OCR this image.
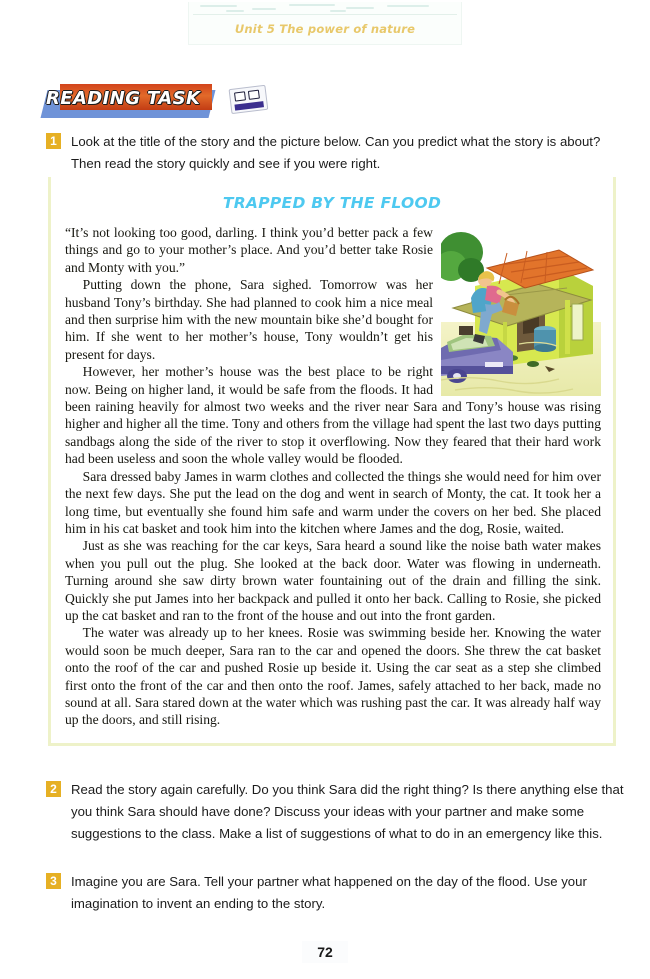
Unit 5 The power of nature
READING TASK
1	Look at the title of the story and the picture below. Can you predict what the story is about? Then read the story quickly and see if you were right.
TRAPPED BY THE FLOOD

“It’s not looking too good, darling. I think you’d better pack a few things and go to your mother’s place. And you’d better take Rosie and Monty with you.”

Putting down the phone, Sara sighed. Tomorrow was her husband Tony’s birthday. She had planned to cook him a nice meal and then surprise him with the new mountain bike she’d bought for him. If she went to her mother’s house, Tony wouldn’t get his present for days.

However, her mother’s house was the best place to be right now. Being on higher land, it would be safe from the floods. It had been raining heavily for almost two weeks and the river near Sara and Tony’s house was rising higher and higher all the time. Tony and others from the village had spent the last two days putting sandbags along the side of the river to stop it overflowing. Now they feared that their hard work had been useless and soon the whole valley would be flooded.

Sara dressed baby James in warm clothes and collected the things she would need for him over the next few days. She put the lead on the dog and went in search of Monty, the cat. It took her a long time, but eventually she found him safe and warm under the covers on her bed. She placed him in his cat basket and took him into the kitchen where James and the dog, Rosie, waited.

Just as she was reaching for the car keys, Sara heard a sound like the noise bath water makes when you pull out the plug. She looked at the back door. Water was flowing in underneath. Turning around she saw dirty brown water fountaining out of the drain and filling the sink. Quickly she put James into her backpack and pulled it onto her back. Calling to Rosie, she picked up the cat basket and ran to the front of the house and out into the front garden.

The water was already up to her knees. Rosie was swimming beside her. Knowing the water would soon be much deeper, Sara ran to the car and opened the doors. She threw the cat basket onto the roof of the car and pushed Rosie up beside it. Using the car seat as a step she climbed first onto the front of the car and then onto the roof. James, safely attached to her back, made no sound at all. Sara stared down at the water which was rushing past the car. It was already half way up the doors, and still rising.

2	Read the story again carefully. Do you think Sara did the right thing? Is there anything else that you think Sara should have done? Discuss your ideas with your partner and make some suggestions to the class. Make a list of suggestions of what to do in an emergency like this.
3	Imagine you are Sara. Tell your partner what happened on the day of the flood. Use your imagination to invent an ending to the story.
72
